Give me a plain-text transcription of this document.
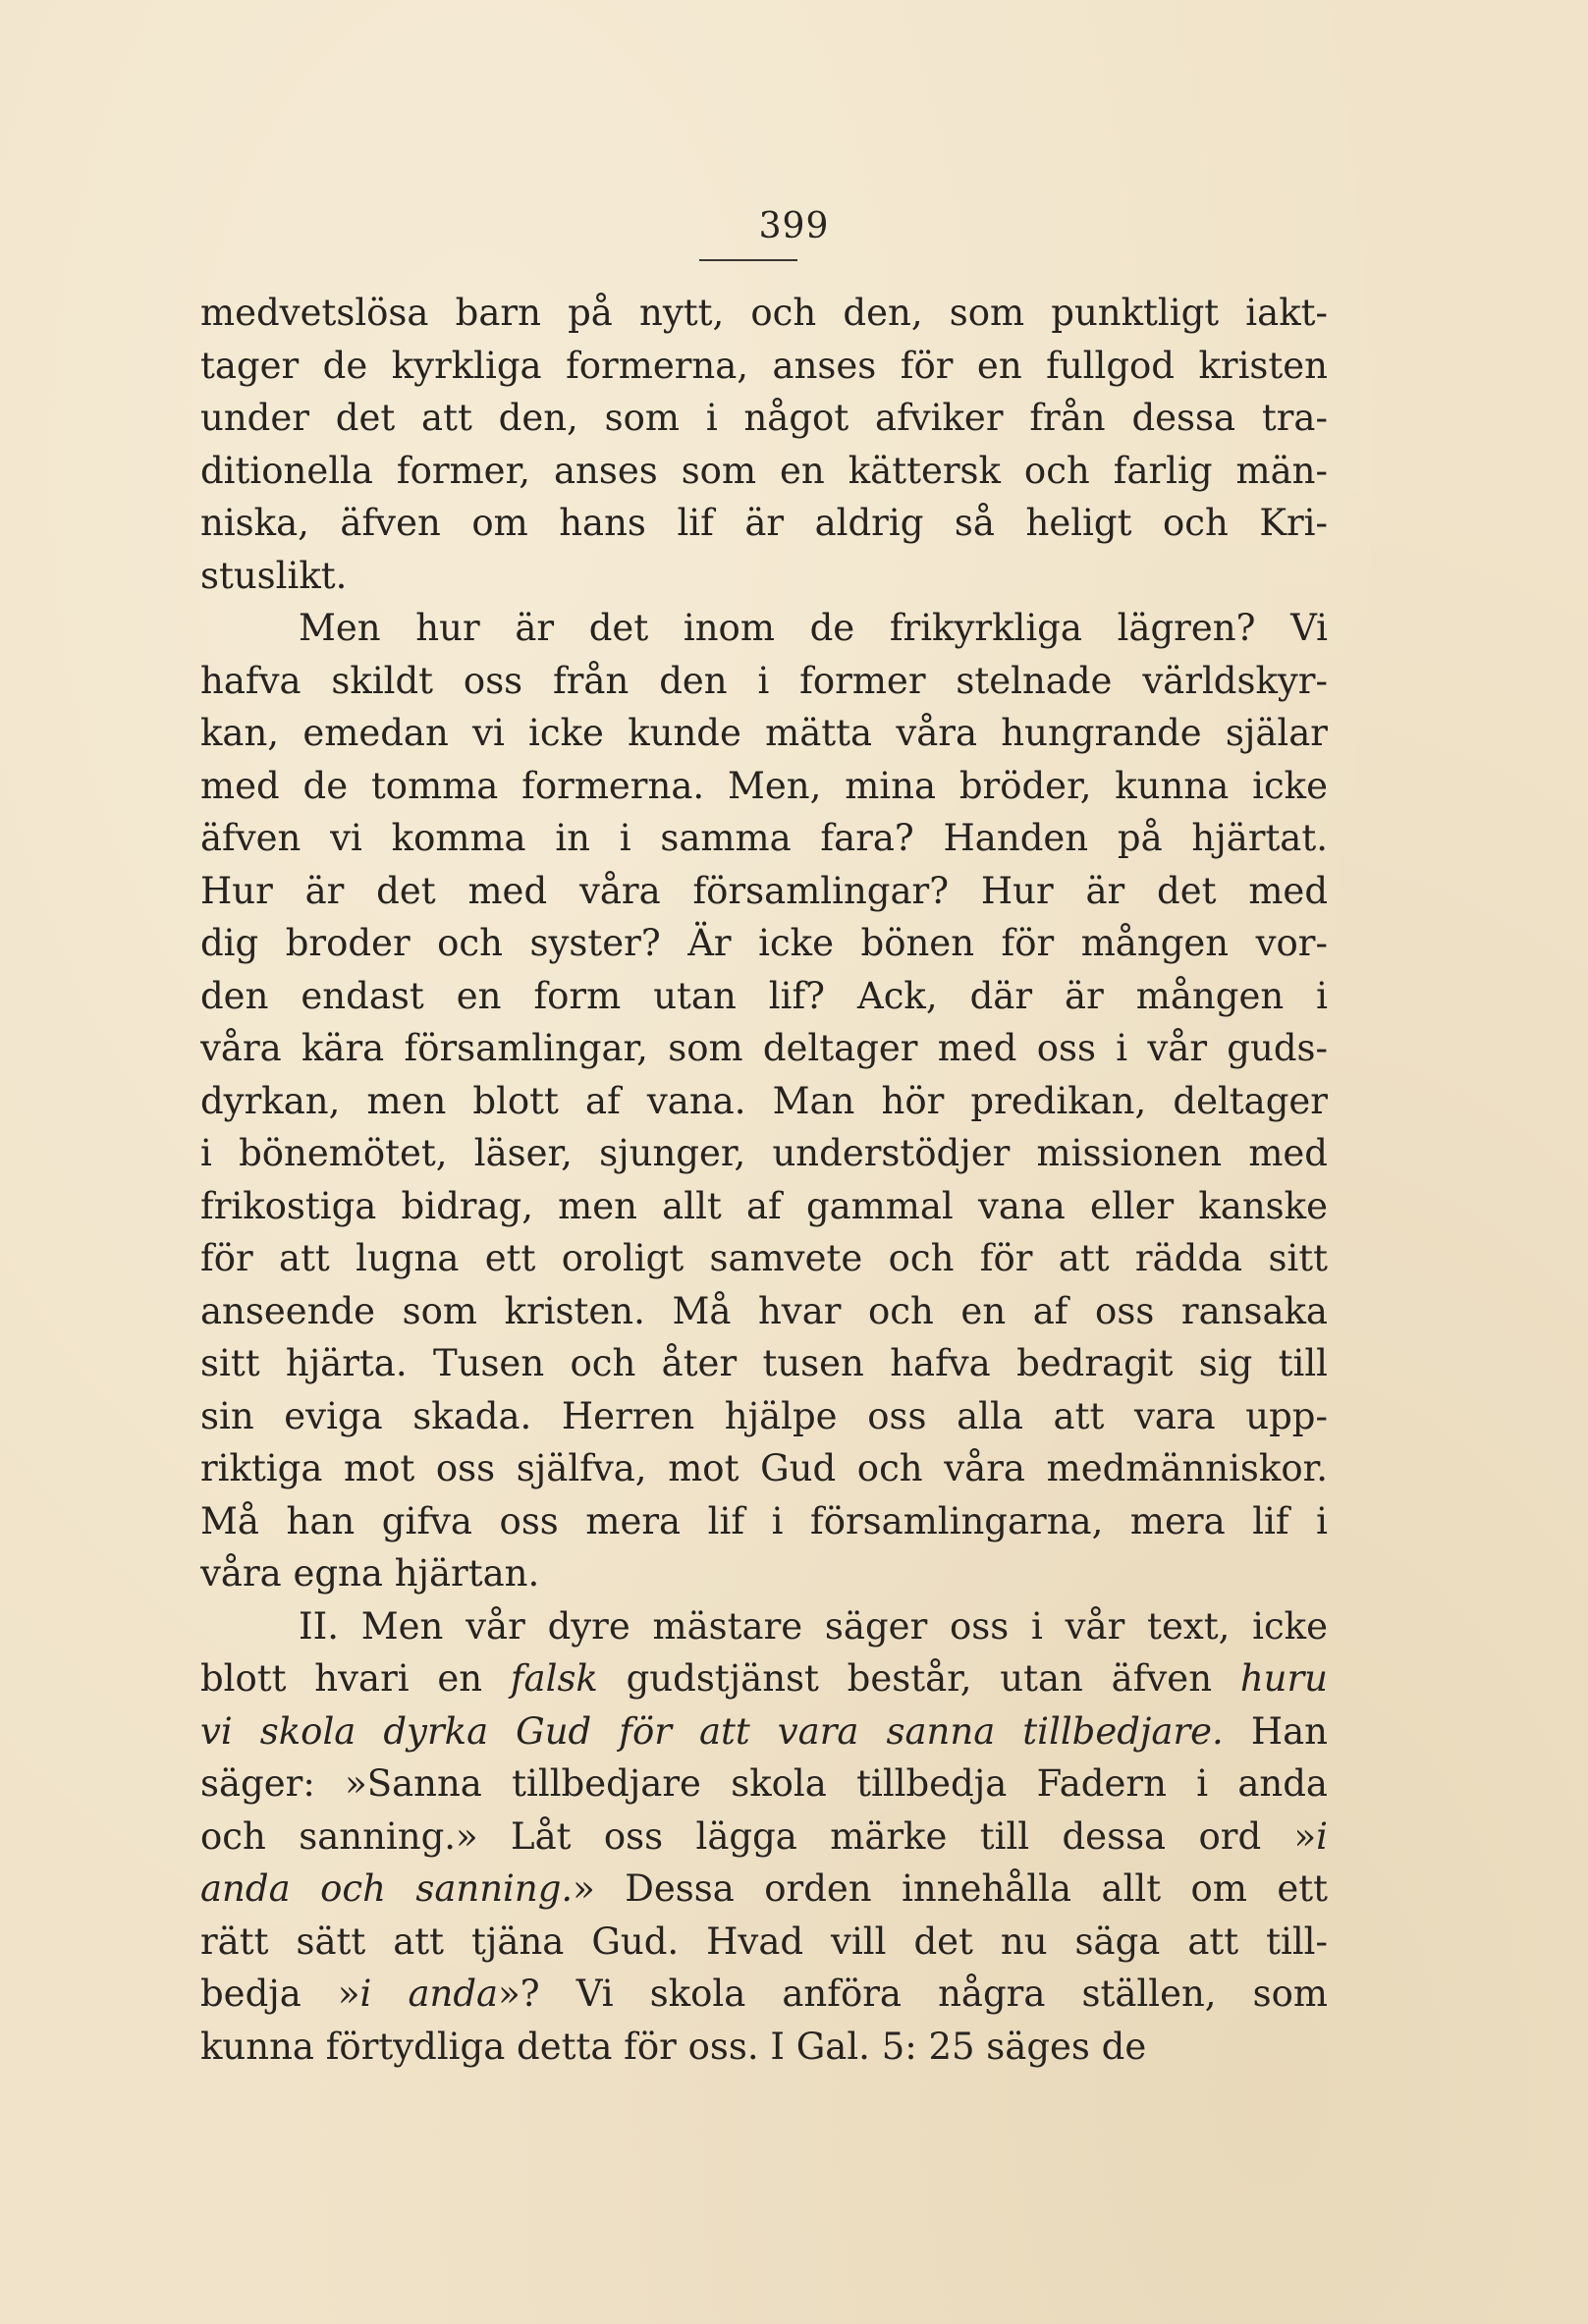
399
medvetslösa barn på nytt, och den, som punktligt iakt-
tager de kyrkliga formerna, anses för en fullgod kristen
under det att den, som i något afviker från dessa tra-
ditionella former, anses som en kättersk och farlig män-
niska, äfven om hans lif är aldrig så heligt och Kri-
stuslikt.
Men hur är det inom de frikyrkliga lägren? Vi
hafva skildt oss från den i former stelnade världskyr-
kan, emedan vi icke kunde mätta våra hungrande själar
med de tomma formerna. Men, mina bröder, kunna icke
äfven vi komma in i samma fara? Handen på hjärtat.
Hur är det med våra församlingar? Hur är det med
dig broder och syster? Är icke bönen för mången vor-
den endast en form utan lif? Ack, där är mången i
våra kära församlingar, som deltager med oss i vår guds-
dyrkan, men blott af vana. Man hör predikan, deltager
i bönemötet, läser, sjunger, understödjer missionen med
frikostiga bidrag, men allt af gammal vana eller kanske
för att lugna ett oroligt samvete och för att rädda sitt
anseende som kristen. Må hvar och en af oss ransaka
sitt hjärta. Tusen och åter tusen hafva bedragit sig till
sin eviga skada. Herren hjälpe oss alla att vara upp-
riktiga mot oss själfva, mot Gud och våra medmänniskor.
Må han gifva oss mera lif i församlingarna, mera lif i
våra egna hjärtan.
II. Men vår dyre mästare säger oss i vår text, icke
blott hvari en falsk gudstjänst består, utan äfven huru
vi skola dyrka Gud för att vara sanna tillbedjare. Han
säger: »Sanna tillbedjare skola tillbedja Fadern i anda
och sanning.» Låt oss lägga märke till dessa ord »i
anda och sanning.» Dessa orden innehålla allt om ett
rätt sätt att tjäna Gud. Hvad vill det nu säga att till-
bedja »i anda»? Vi skola anföra några ställen, som
kunna förtydliga detta för oss. I Gal. 5: 25 säges de
